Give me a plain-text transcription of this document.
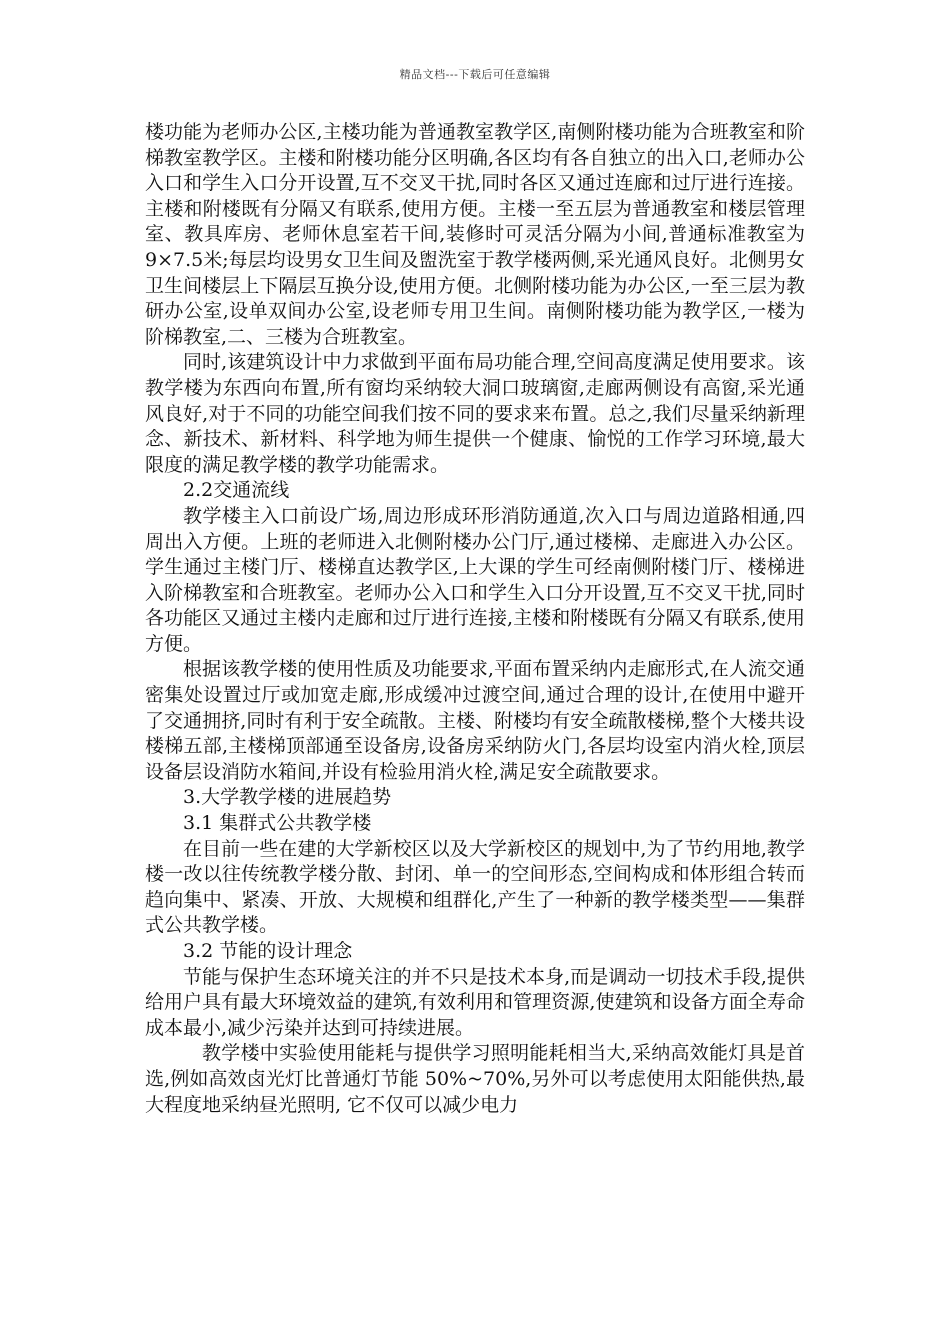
精品文档---下载后可任意编辑

楼功能为老师办公区,主楼功能为普通教室教学区,南侧附楼功能为合班教室和阶梯教室教学区。主楼和附楼功能分区明确,各区均有各自独立的出入口,老师办公入口和学生入口分开设置,互不交叉干扰,同时各区又通过连廊和过厅进行连接。主楼和附楼既有分隔又有联系,使用方便。主楼一至五层为普通教室和楼层管理室、教具库房、老师休息室若干间,装修时可灵活分隔为小间,普通标准教室为9×7.5米;每层均设男女卫生间及盥洗室于教学楼两侧,采光通风良好。北侧男女卫生间楼层上下隔层互换分设,使用方便。北侧附楼功能为办公区,一至三层为教研办公室,设单双间办公室,设老师专用卫生间。南侧附楼功能为教学区,一楼为阶梯教室,二、三楼为合班教室。

同时,该建筑设计中力求做到平面布局功能合理,空间高度满足使用要求。该教学楼为东西向布置,所有窗均采纳较大洞口玻璃窗,走廊两侧设有高窗,采光通风良好,对于不同的功能空间我们按不同的要求来布置。总之,我们尽量采纳新理念、新技术、新材料、科学地为师生提供一个健康、愉悦的工作学习环境,最大限度的满足教学楼的教学功能需求。

2.2交通流线

教学楼主入口前设广场,周边形成环形消防通道,次入口与周边道路相通,四周出入方便。上班的老师进入北侧附楼办公门厅,通过楼梯、走廊进入办公区。学生通过主楼门厅、楼梯直达教学区,上大课的学生可经南侧附楼门厅、楼梯进入阶梯教室和合班教室。老师办公入口和学生入口分开设置,互不交叉干扰,同时各功能区又通过主楼内走廊和过厅进行连接,主楼和附楼既有分隔又有联系,使用方便。

根据该教学楼的使用性质及功能要求,平面布置采纳内走廊形式,在人流交通密集处设置过厅或加宽走廊,形成缓冲过渡空间,通过合理的设计,在使用中避开了交通拥挤,同时有利于安全疏散。主楼、附楼均有安全疏散楼梯,整个大楼共设楼梯五部,主楼梯顶部通至设备房,设备房采纳防火门,各层均设室内消火栓,顶层设备层设消防水箱间,并设有检验用消火栓,满足安全疏散要求。

3.大学教学楼的进展趋势

3.1 集群式公共教学楼

在目前一些在建的大学新校区以及大学新校区的规划中,为了节约用地,教学楼一改以往传统教学楼分散、封闭、单一的空间形态,空间构成和体形组合转而趋向集中、紧凑、开放、大规模和组群化,产生了一种新的教学楼类型——集群式公共教学楼。

3.2 节能的设计理念

节能与保护生态环境关注的并不只是技术本身,而是调动一切技术手段,提供给用户具有最大环境效益的建筑,有效利用和管理资源,使建筑和设备方面全寿命成本最小,减少污染并达到可持续进展。

教学楼中实验使用能耗与提供学习照明能耗相当大,采纳高效能灯具是首选,例如高效卤光灯比普通灯节能 50%~70%,另外可以考虑使用太阳能供热,最大程度地采纳昼光照明, 它不仅可以减少电力
